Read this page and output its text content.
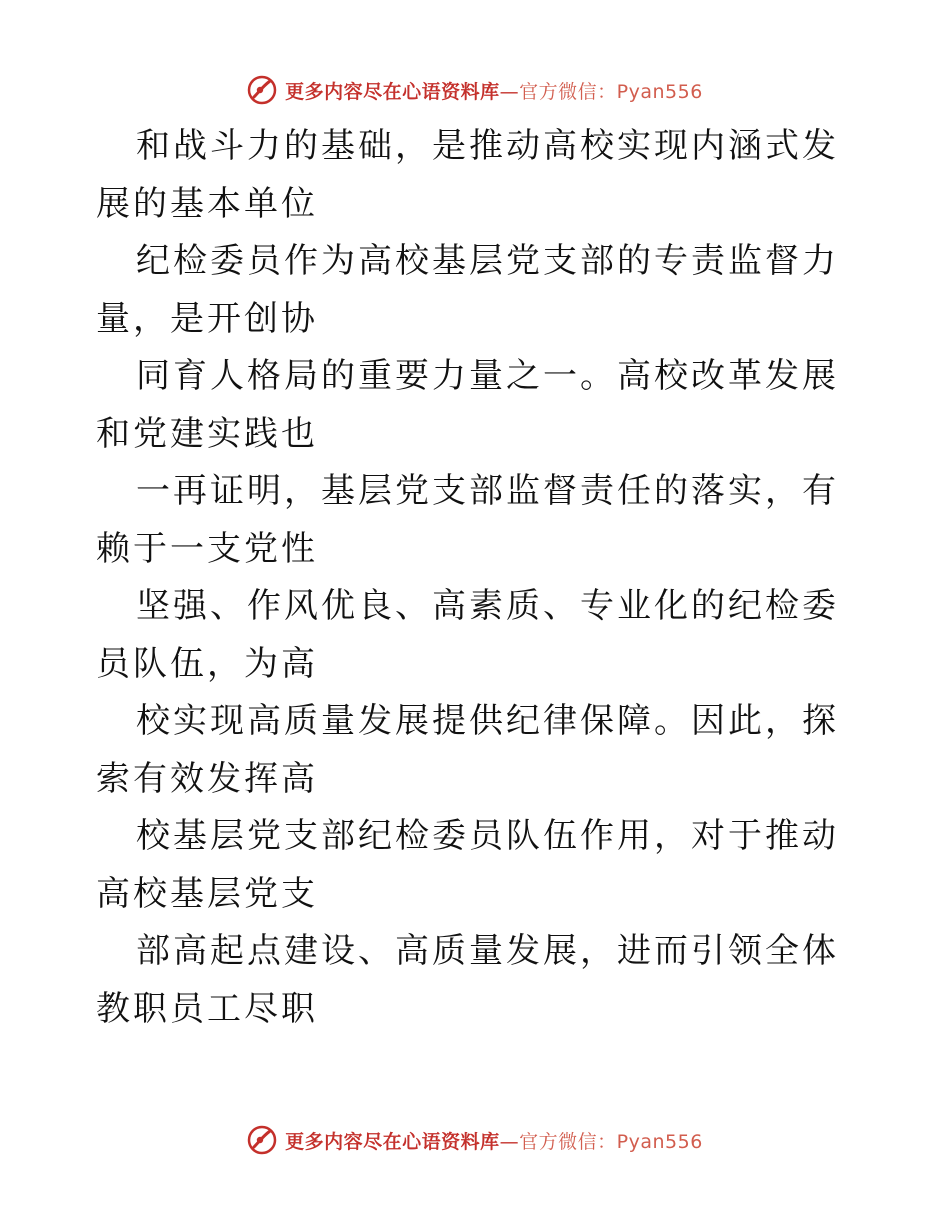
更多内容尽在心语资料库—官方微信：Pyan556

和战斗力的基础，是推动高校实现内涵式发展的基本单位

纪检委员作为高校基层党支部的专责监督力量，是开创协

同育人格局的重要力量之一。高校改革发展和党建实践也

一再证明，基层党支部监督责任的落实，有赖于一支党性

坚强、作风优良、高素质、专业化的纪检委员队伍，为高

校实现高质量发展提供纪律保障。因此，探索有效发挥高

校基层党支部纪检委员队伍作用，对于推动高校基层党支

部高起点建设、高质量发展，进而引领全体教职员工尽职

更多内容尽在心语资料库—官方微信：Pyan556
